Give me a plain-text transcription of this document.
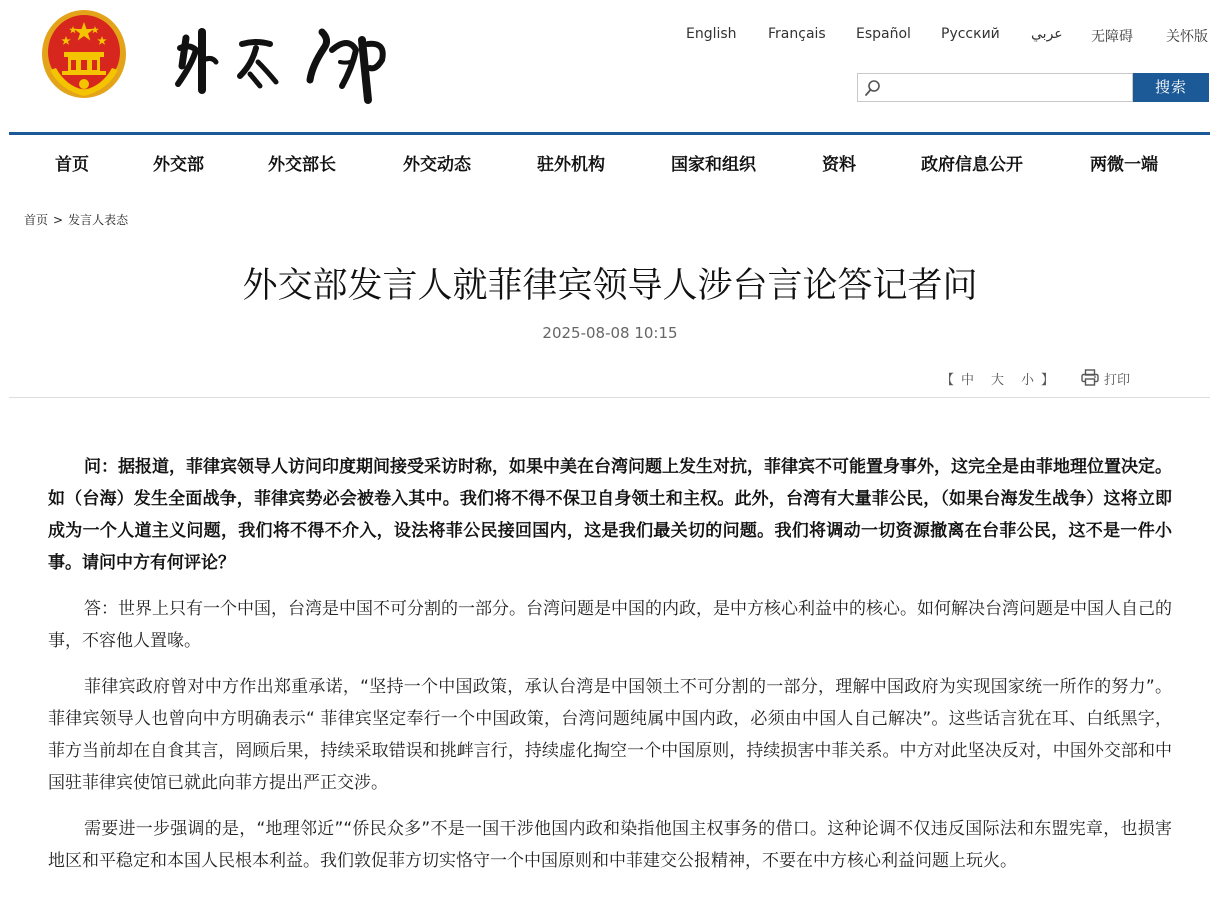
English Français Español Русский عربي 无障碍 关怀版
搜索
首页	外交部	外交部长	外交动态	驻外机构	国家和组织	资料	政府信息公开	两微一端
首页 > 发言人表态
外交部发言人就菲律宾领导人涉台言论答记者问
2025-08-08 10:15
【 中 大 小 】	打印

问：据报道，菲律宾领导人访问印度期间接受采访时称，如果中美在台湾问题上发生对抗，菲律宾不可能置身事外，这完全是由菲地理位置决定。如（台海）发生全面战争，菲律宾势必会被卷入其中。我们将不得不保卫自身领土和主权。此外，台湾有大量菲公民，（如果台海发生战争）这将立即成为一个人道主义问题，我们将不得不介入，设法将菲公民接回国内，这是我们最关切的问题。我们将调动一切资源撤离在台菲公民，这不是一件小事。请问中方有何评论？

答：世界上只有一个中国，台湾是中国不可分割的一部分。台湾问题是中国的内政，是中方核心利益中的核心。如何解决台湾问题是中国人自己的事，不容他人置喙。

菲律宾政府曾对中方作出郑重承诺，“坚持一个中国政策，承认台湾是中国领土不可分割的一部分，理解中国政府为实现国家统一所作的努力”。菲律宾领导人也曾向中方明确表示“ 菲律宾坚定奉行一个中国政策，台湾问题纯属中国内政，必须由中国人自己解决”。这些话言犹在耳、白纸黑字，菲方当前却在自食其言，罔顾后果，持续采取错误和挑衅言行，持续虚化掏空一个中国原则，持续损害中菲关系。中方对此坚决反对，中国外交部和中国驻菲律宾使馆已就此向菲方提出严正交涉。

需要进一步强调的是，“地理邻近”“侨民众多”不是一国干涉他国内政和染指他国主权事务的借口。这种论调不仅违反国际法和东盟宪章，也损害地区和平稳定和本国人民根本利益。我们敦促菲方切实恪守一个中国原则和中菲建交公报精神，不要在中方核心利益问题上玩火。
